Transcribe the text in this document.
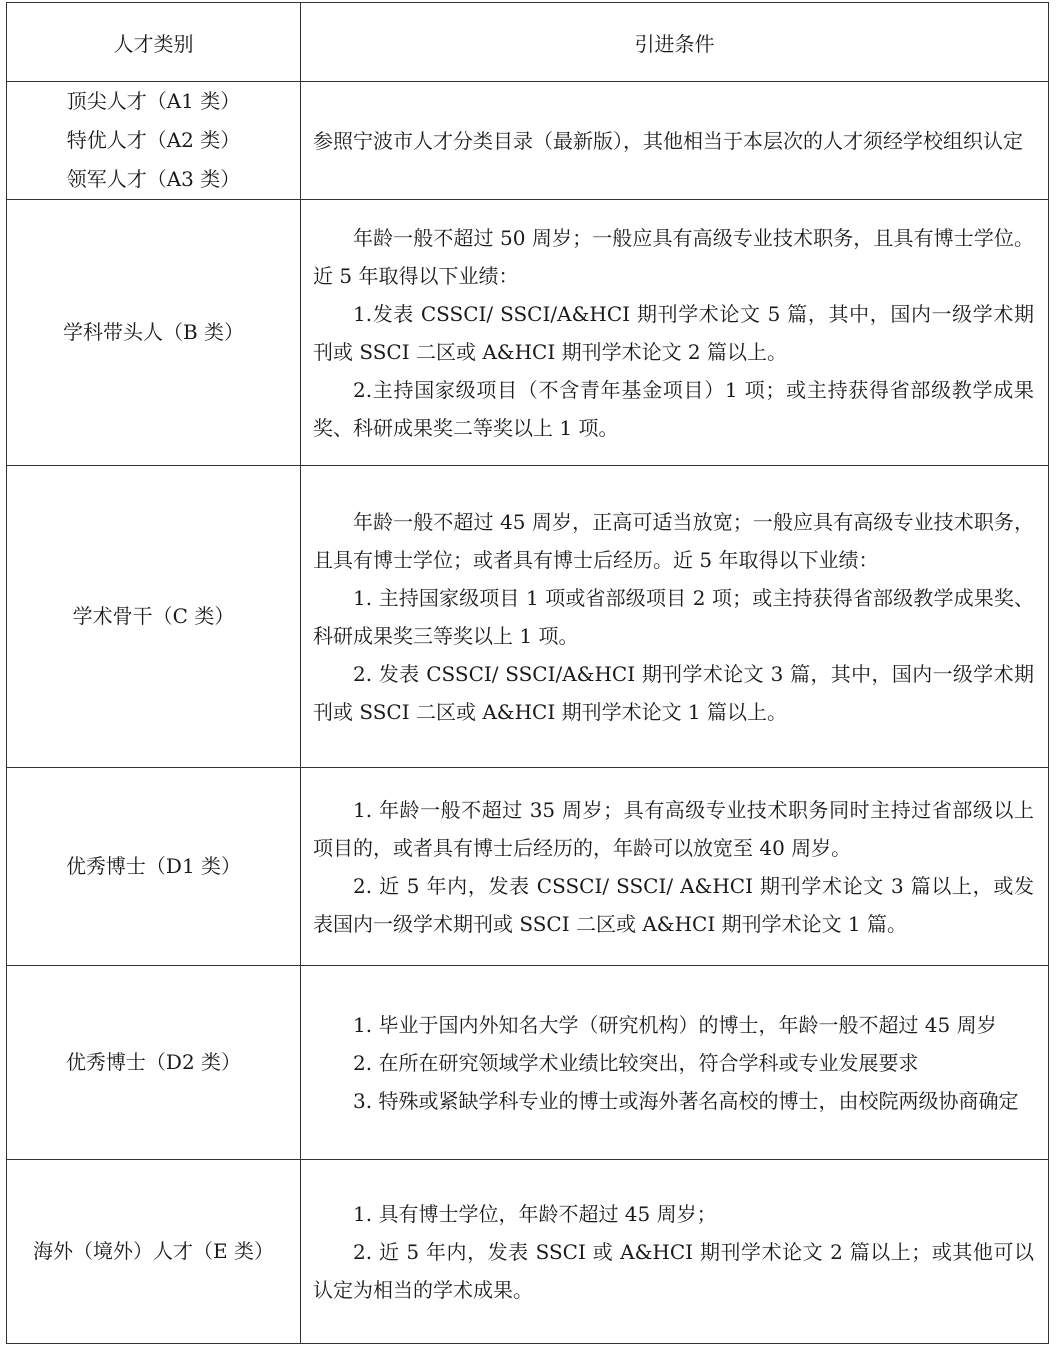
人才类别	引进条件

顶尖人才（A1 类）
特优人才（A2 类）
领军人才（A3 类）	参照宁波市人才分类目录（最新版），其他相当于本层次的人才须经学校组织认定

学科带头人（B 类）	年龄一般不超过 50 周岁；一般应具有高级专业技术职务，且具有博士学位。近 5 年取得以下业绩：
1.发表 CSSCI/ SSCI/A&HCI 期刊学术论文 5 篇，其中，国内一级学术期刊或 SSCI 二区或 A&HCI 期刊学术论文 2 篇以上。
2.主持国家级项目（不含青年基金项目）1 项；或主持获得省部级教学成果奖、科研成果奖二等奖以上 1 项。

学术骨干（C 类）	年龄一般不超过 45 周岁，正高可适当放宽；一般应具有高级专业技术职务，且具有博士学位；或者具有博士后经历。近 5 年取得以下业绩：
1. 主持国家级项目 1 项或省部级项目 2 项；或主持获得省部级教学成果奖、科研成果奖三等奖以上 1 项。
2. 发表 CSSCI/ SSCI/A&HCI 期刊学术论文 3 篇，其中，国内一级学术期刊或 SSCI 二区或 A&HCI 期刊学术论文 1 篇以上。

优秀博士（D1 类）	1. 年龄一般不超过 35 周岁；具有高级专业技术职务同时主持过省部级以上项目的，或者具有博士后经历的，年龄可以放宽至 40 周岁。
2. 近 5 年内，发表 CSSCI/ SSCI/ A&HCI 期刊学术论文 3 篇以上，或发表国内一级学术期刊或 SSCI 二区或 A&HCI 期刊学术论文 1 篇。

优秀博士（D2 类）	1. 毕业于国内外知名大学（研究机构）的博士，年龄一般不超过 45 周岁
2. 在所在研究领域学术业绩比较突出，符合学科或专业发展要求
3. 特殊或紧缺学科专业的博士或海外著名高校的博士，由校院两级协商确定

海外（境外）人才（E 类）	1. 具有博士学位，年龄不超过 45 周岁；
2. 近 5 年内，发表 SSCI 或 A&HCI 期刊学术论文 2 篇以上；或其他可以认定为相当的学术成果。
